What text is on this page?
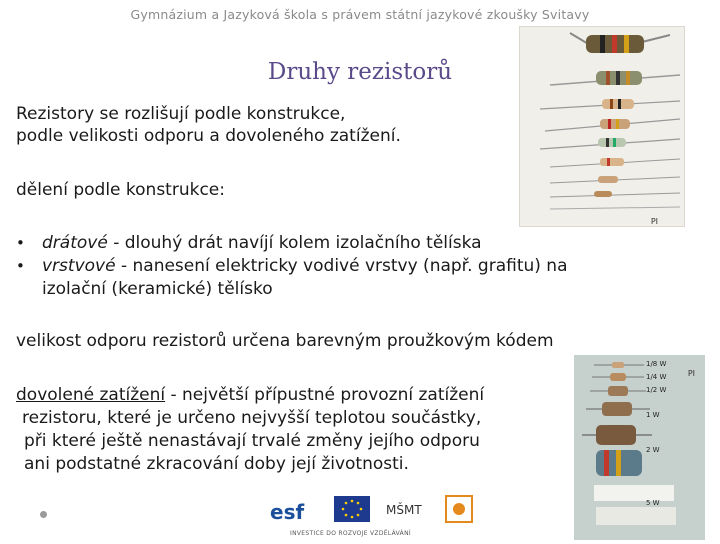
Gymnázium a Jazyková škola s právem státní jazykové zkoušky Svitavy
Druhy rezistorů
Rezistory se rozlišují podle konstrukce,
podle velikosti odporu a dovoleného zatížení.
dělení podle konstrukce:
• drátové - dlouhý drát navíjí kolem izolačního tělíska
• vrstvové - nanesení elektricky vodivé vrstvy (např. grafitu) na
izolační (keramické) tělísko
velikost odporu rezistorů určena barevným proužkovým kódem
dovolené zatížení - největší přípustné provozní zatížení
rezistoru, které je určeno nejvyšší teplotou součástky,
při které ještě nenastávají trvalé změny jejího odporu
ani podstatné zkracování doby její životnosti.
PI
1/8 W
1/4 W
1/2 W
1 W
2 W
5 W
PI
esf	MŠMT
INVESTICE DO ROZVOJE VZDĚLÁVÁNÍ
